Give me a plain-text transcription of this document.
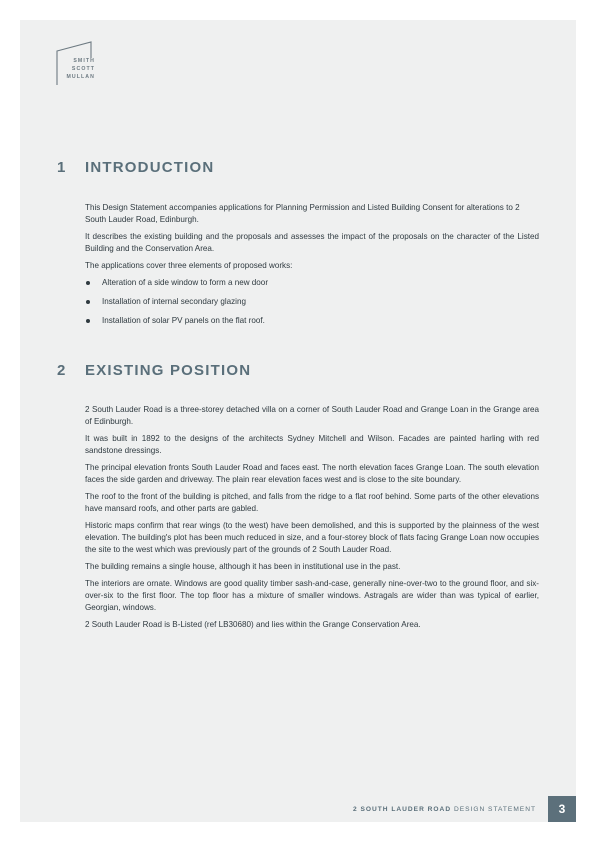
SMITH
SCOTT
MULLAN
1 INTRODUCTION

This Design Statement accompanies applications for Planning Permission and Listed Building Consent for alterations to 2 South Lauder Road, Edinburgh.

It describes the existing building and the proposals and assesses the impact of the proposals on the character of the Listed Building and the Conservation Area.

The applications cover three elements of proposed works:

Alteration of a side window to form a new door
Installation of internal secondary glazing
Installation of solar PV panels on the flat roof.
2 EXISTING POSITION

2 South Lauder Road is a three-storey detached villa on a corner of South Lauder Road and Grange Loan in the Grange area of Edinburgh.

It was built in 1892 to the designs of the architects Sydney Mitchell and Wilson. Facades are painted harling with red sandstone dressings.

The principal elevation fronts South Lauder Road and faces east. The north elevation faces Grange Loan. The south elevation faces the side garden and driveway. The plain rear elevation faces west and is close to the site boundary.

The roof to the front of the building is pitched, and falls from the ridge to a flat roof behind. Some parts of the other elevations have mansard roofs, and other parts are gabled.

Historic maps confirm that rear wings (to the west) have been demolished, and this is supported by the plainness of the west elevation. The building's plot has been much reduced in size, and a four-storey block of flats facing Grange Loan now occupies the site to the west which was previously part of the grounds of 2 South Lauder Road.

The building remains a single house, although it has been in institutional use in the past.

The interiors are ornate. Windows are good quality timber sash-and-case, generally nine-over-two to the ground floor, and six-over-six to the first floor. The top floor has a mixture of smaller windows. Astragals are wider than was typical of earlier, Georgian, windows.

2 South Lauder Road is B-Listed (ref LB30680) and lies within the Grange Conservation Area.

2 SOUTH LAUDER ROAD DESIGN STATEMENT	3
